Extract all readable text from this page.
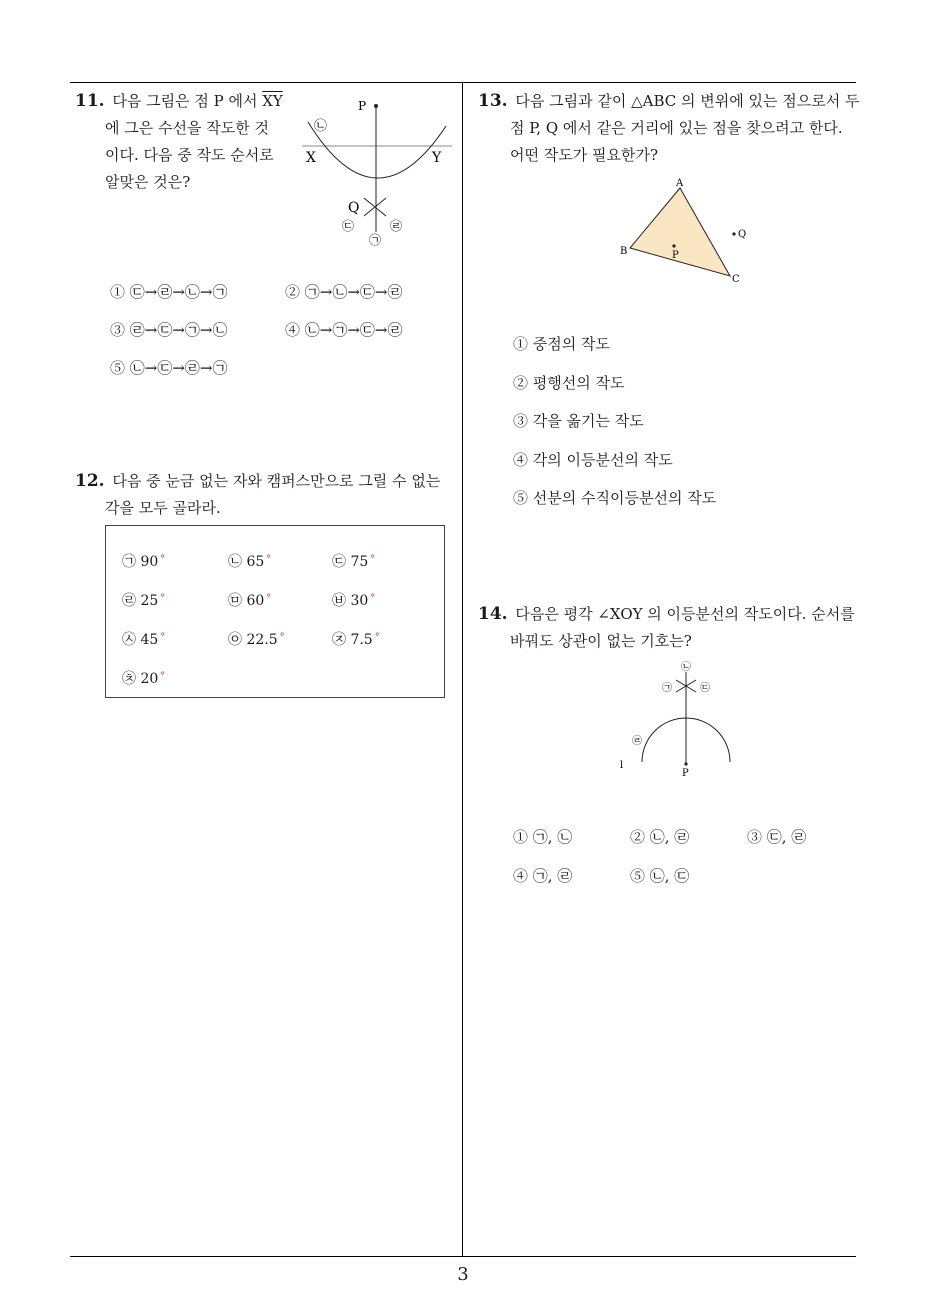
11. 다음 그림은 점 P 에서 $\overline{XY}$
에 그은 수선을 작도한 것
이다. 다음 중 작도 순서로
알맞은 것은?
P
X	Y
Q
㉡
㉢	㉣
㉠
① ㉢→㉣→㉡→㉠	② ㉠→㉡→㉢→㉣
③ ㉣→㉢→㉠→㉡	④ ㉡→㉠→㉢→㉣
⑤ ㉡→㉢→㉣→㉠
12. 다음 중 눈금 없는 자와 캠퍼스만으로 그릴 수 없는
각을 모두 골라라.
㉠ 90 °	㉡ 65 °	㉢ 75 °
㉣ 25 °	㉤ 60 °	㉥ 30 °
㉦ 45 °	㉧ 22.5 °	㉨ 7.5 °
㉩ 20 °
13. 다음 그림과 같이 △ABC 의 변위에 있는 점으로서 두
점 P, Q 에서 같은 거리에 있는 점을 찾으려고 한다.
어떤 작도가 필요한가?
A
B
C
P
Q
① 중점의 작도
② 평행선의 작도
③ 각을 옮기는 작도
④ 각의 이등분선의 작도
⑤ 선분의 수직이등분선의 작도
14. 다음은 평각 ∠XOY 의 이등분선의 작도이다. 순서를
바꿔도 상관이 없는 기호는?
㉡
㉠	㉢
㉣
P
l
① ㉠, ㉡	② ㉡, ㉣	③ ㉢, ㉣
④ ㉠, ㉣	⑤ ㉡, ㉢
3
